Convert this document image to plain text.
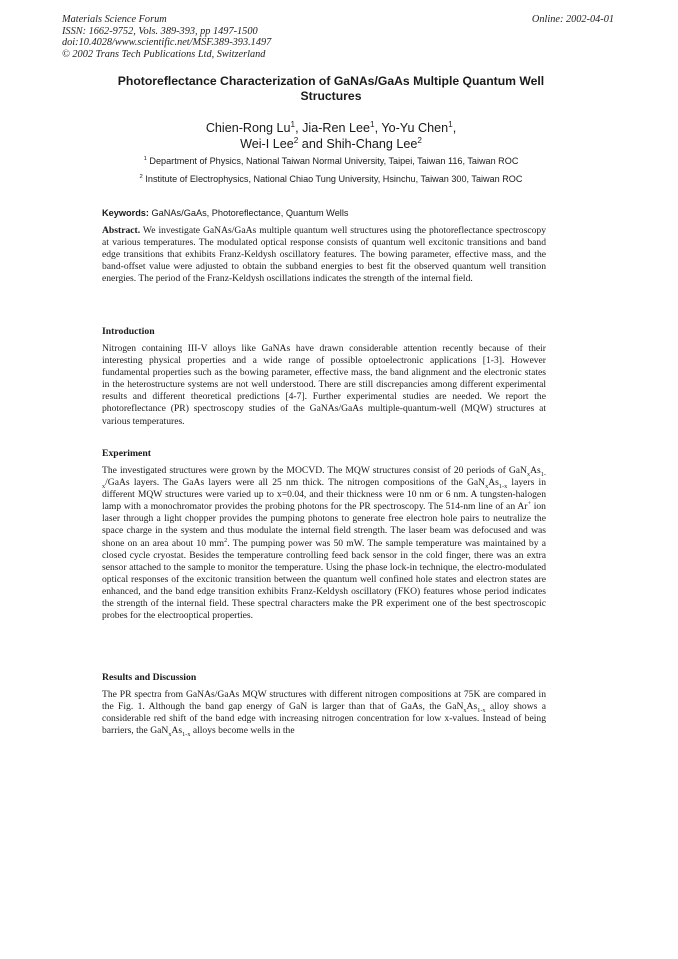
Materials Science Forum
ISSN: 1662-9752, Vols. 389-393, pp 1497-1500
doi:10.4028/www.scientific.net/MSF.389-393.1497
© 2002 Trans Tech Publications Ltd, Switzerland
Online: 2002-04-01
Photoreflectance Characterization of GaNAs/GaAs Multiple Quantum Well Structures
Chien-Rong Lu$^1$, Jia-Ren Lee$^1$, Yo-Yu Chen$^1$,
Wei-I Lee$^2$ and Shih-Chang Lee$^2$
$^1$ Department of Physics, National Taiwan Normal University, Taipei, Taiwan 116, Taiwan ROC
$^2$ Institute of Electrophysics, National Chiao Tung University, Hsinchu, Taiwan 300, Taiwan ROC
Keywords: GaNAs/GaAs, Photoreflectance, Quantum Wells
Abstract. We investigate GaNAs/GaAs multiple quantum well structures using the photoreflectance spectroscopy at various temperatures. The modulated optical response consists of quantum well excitonic transitions and band edge transitions that exhibits Franz-Keldysh oscillatory features. The bowing parameter, effective mass, and the band-offset value were adjusted to obtain the subband energies to best fit the observed quantum well transition energies. The period of the Franz-Keldysh oscillations indicates the strength of the internal field.
Introduction
Nitrogen containing III-V alloys like GaNAs have drawn considerable attention recently because of their interesting physical properties and a wide range of possible optoelectronic applications [1-3]. However fundamental properties such as the bowing parameter, effective mass, the band alignment and the electronic states in the heterostructure systems are not well understood. There are still discrepancies among different experimental results and different theoretical predictions [4-7]. Further experimental studies are needed. We report the photoreflectance (PR) spectroscopy studies of the GaNAs/GaAs multiple-quantum-well (MQW) structures at various temperatures.
Experiment
The investigated structures were grown by the MOCVD. The MQW structures consist of 20 periods of $GaN_xAs_{1-x}$/GaAs layers. The GaAs layers were all 25 nm thick. The nitrogen compositions of the $GaN_xAs_{1-x}$ layers in different MQW structures were varied up to x=0.04, and their thickness were 10 nm or 6 nm. A tungsten-halogen lamp with a monochromator provides the probing photons for the PR spectroscopy. The 514-nm line of an Ar+ ion laser through a light chopper provides the pumping photons to generate free electron hole pairs to neutralize the space charge in the system and thus modulate the internal field strength. The laser beam was defocused and was shone on an area about 10 $mm^2$. The pumping power was 50 mW. The sample temperature was maintained by a closed cycle cryostat. Besides the temperature controlling feed back sensor in the cold finger, there was an extra sensor attached to the sample to monitor the temperature. Using the phase lock-in technique, the electro-modulated optical responses of the excitonic transition between the quantum well confined hole states and electron states are enhanced, and the band edge transition exhibits Franz-Keldysh oscillatory (FKO) features whose period indicates the strength of the internal field. These spectral characters make the PR experiment one of the best spectroscopic probes for the electrooptical properties.
Results and Discussion
The PR spectra from GaNAs/GaAs MQW structures with different nitrogen compositions at 75K are compared in the Fig. 1. Although the band gap energy of GaN is larger than that of GaAs, the $GaN_xAs_{1-x}$ alloy shows a considerable red shift of the band edge with increasing nitrogen concentration for low x-values. Instead of being barriers, the $GaN_xAs_{1-x}$ alloys become wells in the
